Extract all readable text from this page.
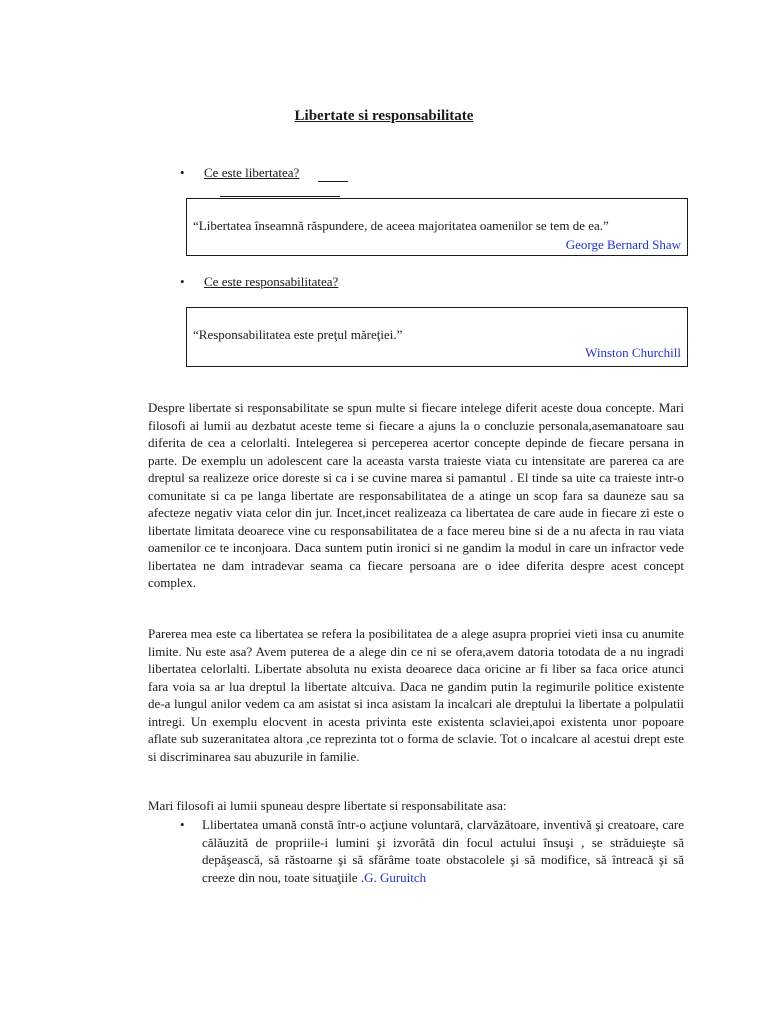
Libertate si responsabilitate
• Ce este libertatea?
“Libertatea înseamnă răspundere, de aceea majoritatea oamenilor se tem de ea.”
George Bernard Shaw
• Ce este responsabilitatea?
“Responsabilitatea este preţul măreţiei.”
Winston Churchill

Despre libertate si responsabilitate se spun multe si fiecare intelege diferit aceste doua concepte. Mari filosofi ai lumii au dezbatut aceste teme si fiecare a ajuns la o concluzie personala,asemanatoare sau diferita de cea a celorlalti. Intelegerea si perceperea acertor concepte depinde de fiecare persana in parte. De exemplu un adolescent care la aceasta varsta traieste viata cu intensitate are parerea ca are dreptul sa realizeze orice doreste si ca i se cuvine marea si pamantul . El tinde sa uite ca traieste intr-o comunitate si ca pe langa libertate are responsabilitatea de a atinge un scop fara sa dauneze sau sa afecteze negativ viata celor din jur. Incet,incet realizeaza ca libertatea de care aude in fiecare zi este o libertate limitata deoarece vine cu responsabilitatea de a face mereu bine si de a nu afecta in rau viata oamenilor ce te inconjoara. Daca suntem putin ironici si ne gandim la modul in care un infractor vede libertatea ne dam intradevar seama ca fiecare persoana are o idee diferita despre acest concept complex.

Parerea mea este ca libertatea se refera la posibilitatea de a alege asupra propriei vieti insa cu anumite limite. Nu este asa? Avem puterea de a alege din ce ni se ofera,avem datoria totodata de a nu ingradi libertatea celorlalti. Libertate absoluta nu exista deoarece daca oricine ar fi liber sa faca orice atunci fara voia sa ar lua dreptul la libertate altcuiva. Daca ne gandim putin la regimurile politice existente de-a lungul anilor vedem ca am asistat si inca asistam la incalcari ale dreptului la libertate a polpulatii intregi. Un exemplu elocvent in acesta privinta este existenta sclaviei,apoi existenta unor popoare aflate sub suzeranitatea altora ,ce reprezinta tot o forma de sclavie. Tot o incalcare al acestui drept este si discriminarea sau abuzurile in familie.

Mari filosofi ai lumii spuneau despre libertate si responsabilitate asa:

• Llibertatea umană constă într-o acţiune voluntară, clarvăzătoare, inventivă şi creatoare, care călăuzită de propriile-i lumini şi izvorâtă din focul actului însuşi , se străduieşte să depăşească, să răstoarne şi să sfărâme toate obstacolele şi să modifice, să întreacă şi să creeze din nou, toate situaţiile .G. Guruitch
